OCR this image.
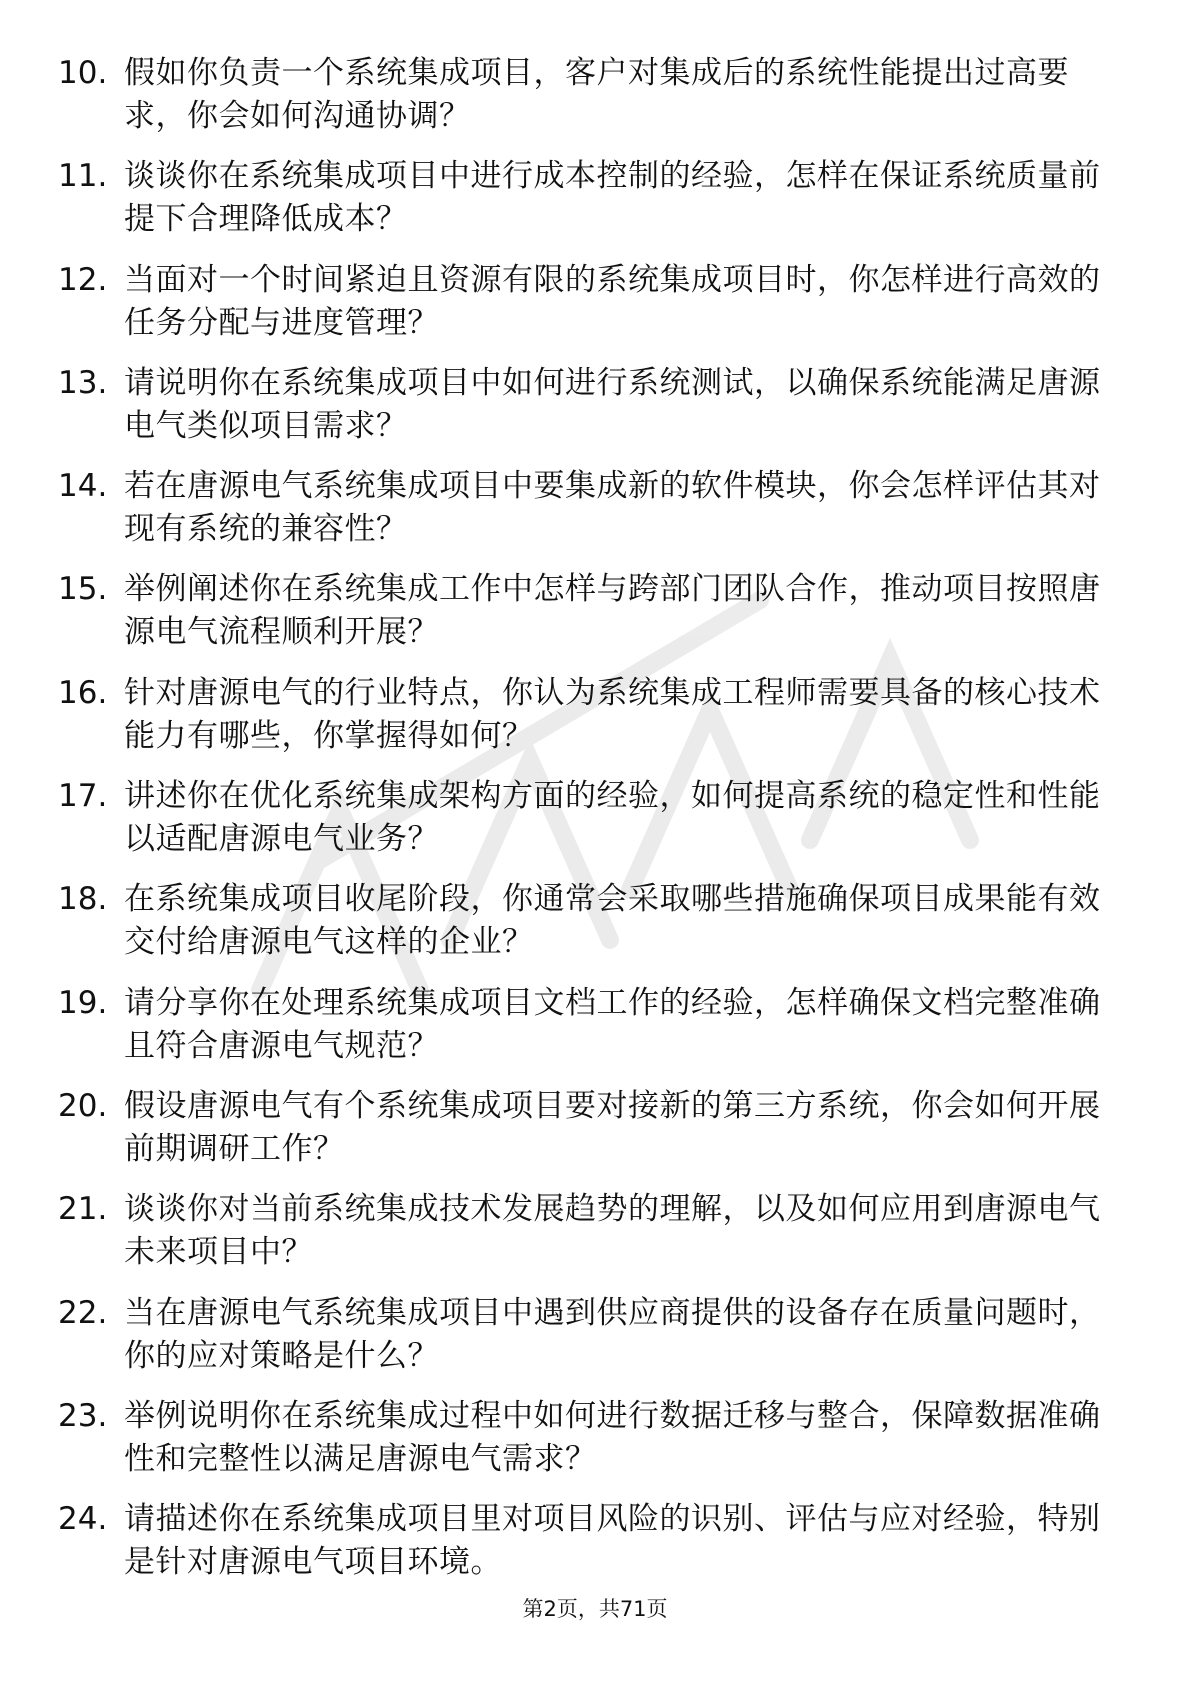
10. 假如你负责一个系统集成项目，客户对集成后的系统性能提出过高要求，你会如何沟通协调？
11. 谈谈你在系统集成项目中进行成本控制的经验，怎样在保证系统质量前提下合理降低成本？
12. 当面对一个时间紧迫且资源有限的系统集成项目时，你怎样进行高效的任务分配与进度管理？
13. 请说明你在系统集成项目中如何进行系统测试，以确保系统能满足唐源电气类似项目需求？
14. 若在唐源电气系统集成项目中要集成新的软件模块，你会怎样评估其对现有系统的兼容性？
15. 举例阐述你在系统集成工作中怎样与跨部门团队合作，推动项目按照唐源电气流程顺利开展？
16. 针对唐源电气的行业特点，你认为系统集成工程师需要具备的核心技术能力有哪些，你掌握得如何？
17. 讲述你在优化系统集成架构方面的经验，如何提高系统的稳定性和性能以适配唐源电气业务？
18. 在系统集成项目收尾阶段，你通常会采取哪些措施确保项目成果能有效交付给唐源电气这样的企业？
19. 请分享你在处理系统集成项目文档工作的经验，怎样确保文档完整准确且符合唐源电气规范？
20. 假设唐源电气有个系统集成项目要对接新的第三方系统，你会如何开展前期调研工作？
21. 谈谈你对当前系统集成技术发展趋势的理解，以及如何应用到唐源电气未来项目中？
22. 当在唐源电气系统集成项目中遇到供应商提供的设备存在质量问题时，你的应对策略是什么？
23. 举例说明你在系统集成过程中如何进行数据迁移与整合，保障数据准确性和完整性以满足唐源电气需求？
24. 请描述你在系统集成项目里对项目风险的识别、评估与应对经验，特别是针对唐源电气项目环境。
第2页，共71页
